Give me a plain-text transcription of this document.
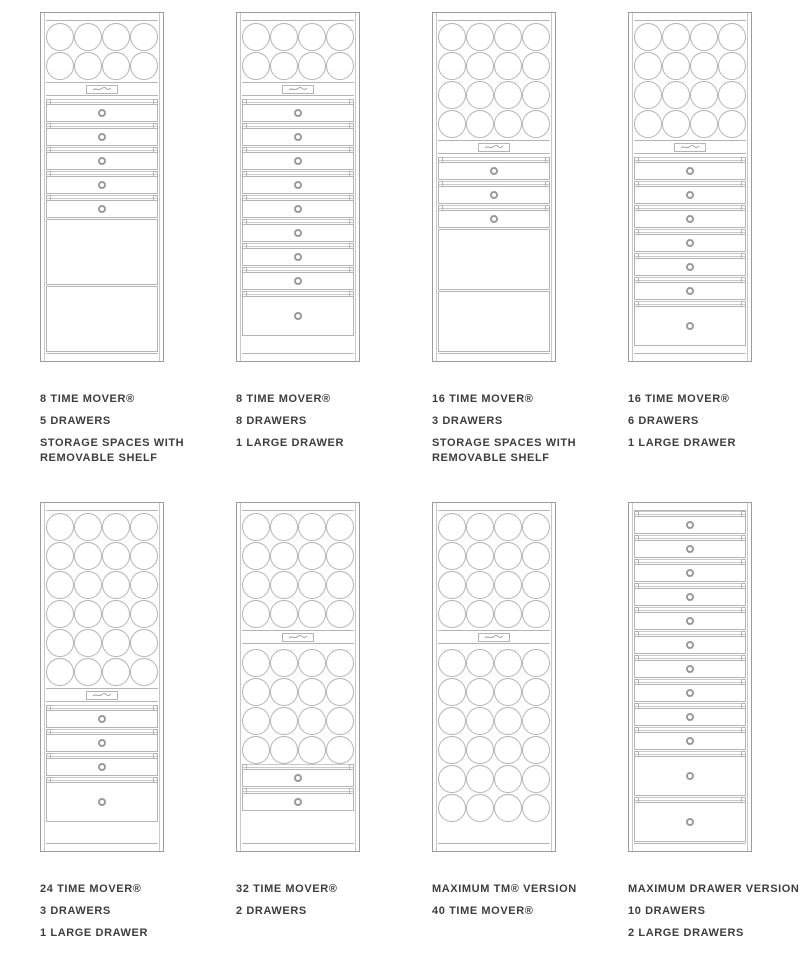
8 TIME MOVER®
5 DRAWERS
STORAGE SPACES WITH REMOVABLE SHELF
8 TIME MOVER®
8 DRAWERS
1 LARGE DRAWER
16 TIME MOVER®
3 DRAWERS
STORAGE SPACES WITH REMOVABLE SHELF
16 TIME MOVER®
6 DRAWERS
1 LARGE DRAWER
24 TIME MOVER®
3 DRAWERS
1 LARGE DRAWER
32 TIME MOVER®
2 DRAWERS
MAXIMUM TM® VERSION
40 TIME MOVER®
MAXIMUM DRAWER VERSION
10 DRAWERS
2 LARGE DRAWERS
